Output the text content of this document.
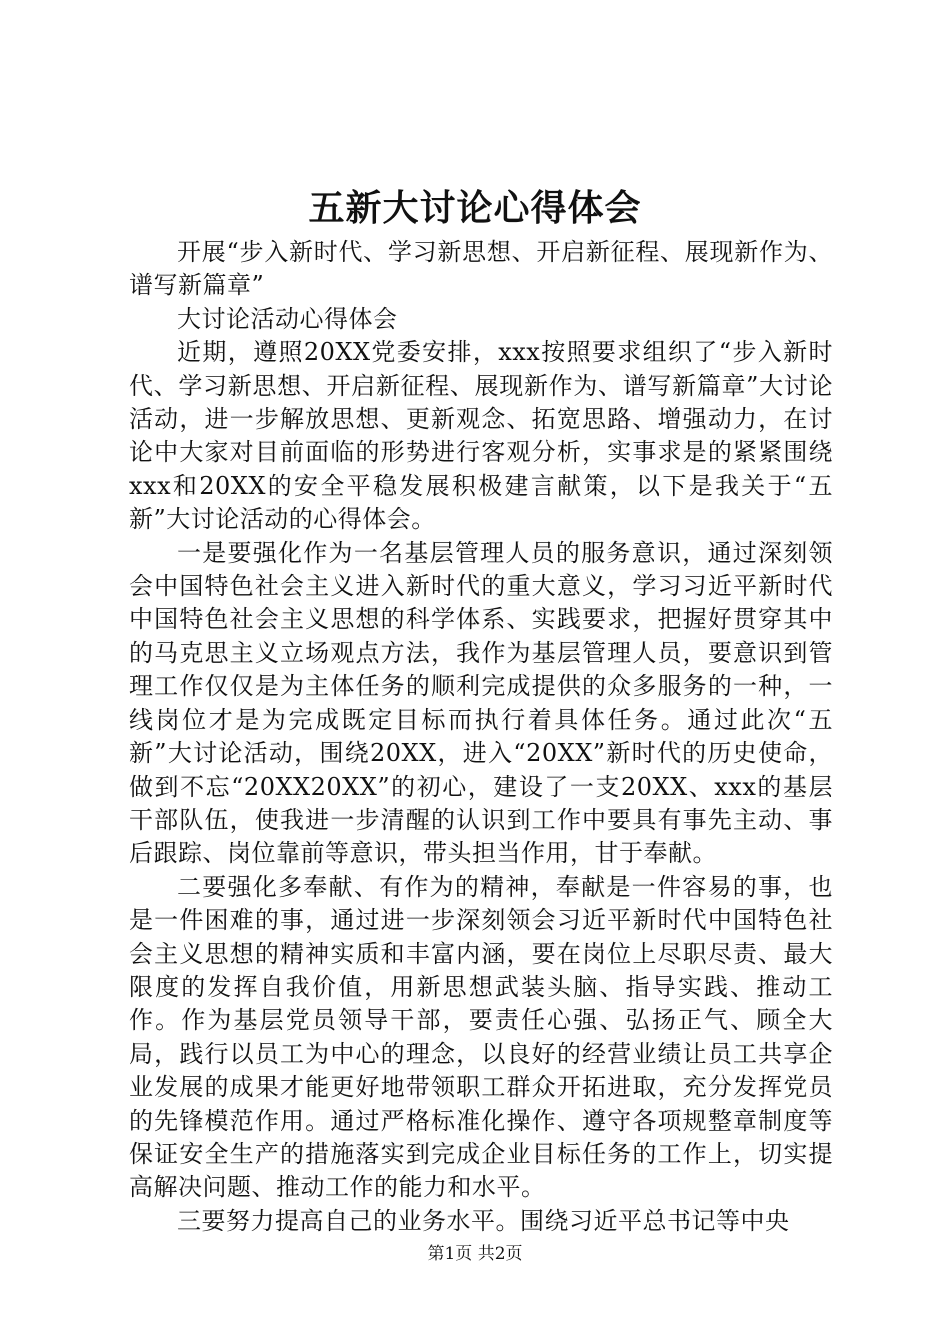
五新大讨论心得体会

开展“步入新时代、学习新思想、开启新征程、展现新作为、谱写新篇章”

大讨论活动心得体会

近期，遵照20XX党委安排，xxx按照要求组织了“步入新时代、学习新思想、开启新征程、展现新作为、谱写新篇章”大讨论活动，进一步解放思想、更新观念、拓宽思路、增强动力，在讨论中大家对目前面临的形势进行客观分析，实事求是的紧紧围绕xxx和20XX的安全平稳发展积极建言献策，以下是我关于“五新”大讨论活动的心得体会。

一是要强化作为一名基层管理人员的服务意识，通过深刻领会中国特色社会主义进入新时代的重大意义，学习习近平新时代中国特色社会主义思想的科学体系、实践要求，把握好贯穿其中的马克思主义立场观点方法，我作为基层管理人员，要意识到管理工作仅仅是为主体任务的顺利完成提供的众多服务的一种，一线岗位才是为完成既定目标而执行着具体任务。通过此次“五新”大讨论活动，围绕20XX，进入“20XX”新时代的历史使命，做到不忘“20XX20XX”的初心，建设了一支20XX、xxx的基层干部队伍，使我进一步清醒的认识到工作中要具有事先主动、事后跟踪、岗位靠前等意识，带头担当作用，甘于奉献。

二要强化多奉献、有作为的精神，奉献是一件容易的事，也是一件困难的事，通过进一步深刻领会习近平新时代中国特色社会主义思想的精神实质和丰富内涵，要在岗位上尽职尽责、最大限度的发挥自我价值，用新思想武装头脑、指导实践、推动工作。作为基层党员领导干部，要责任心强、弘扬正气、顾全大局，践行以员工为中心的理念，以良好的经营业绩让员工共享企业发展的成果才能更好地带领职工群众开拓进取，充分发挥党员的先锋模范作用。通过严格标准化操作、遵守各项规整章制度等保证安全生产的措施落实到完成企业目标任务的工作上，切实提高解决问题、推动工作的能力和水平。

三要努力提高自己的业务水平。围绕习近平总书记等中央

第1页 共2页
